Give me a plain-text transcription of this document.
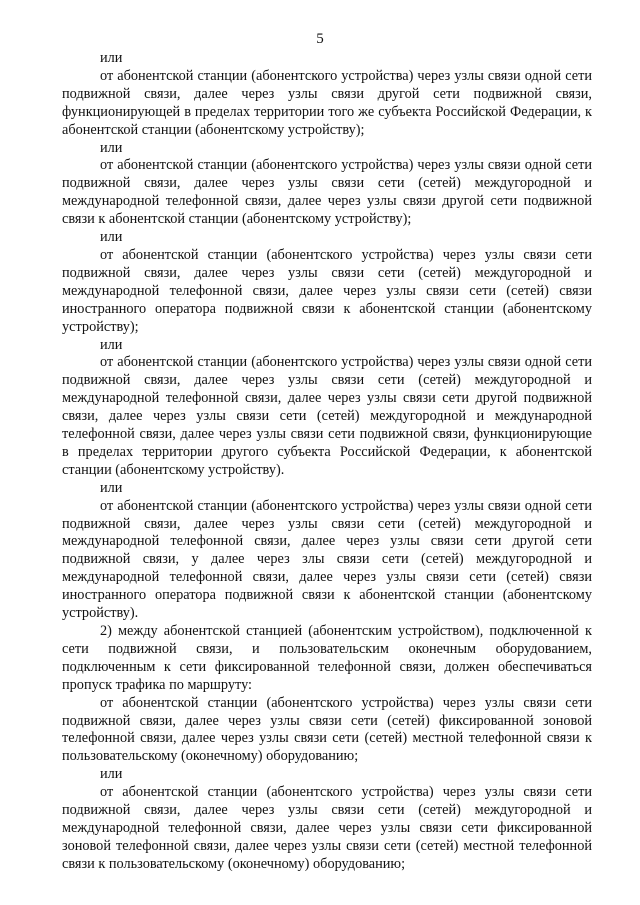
5

или

от абонентской станции (абонентского устройства) через узлы связи одной сети подвижной связи, далее через узлы связи другой сети подвижной связи, функционирующей в пределах территории того же субъекта Российской Федерации, к абонентской станции (абонентскому устройству);

или

от абонентской станции (абонентского устройства) через узлы связи одной сети подвижной связи, далее через узлы связи сети (сетей) междугородной и международной телефонной связи, далее через узлы связи другой сети подвижной связи к абонентской станции (абонентскому устройству);

или

от абонентской станции (абонентского устройства) через узлы связи сети подвижной связи, далее через узлы связи сети (сетей) междугородной и международной телефонной связи, далее через узлы связи сети (сетей) связи иностранного оператора подвижной связи к абонентской станции (абонентскому устройству);

или

от абонентской станции (абонентского устройства) через узлы связи одной сети подвижной связи, далее через узлы связи сети (сетей) междугородной и международной телефонной связи, далее через узлы связи сети другой подвижной связи, далее через узлы связи сети (сетей) междугородной и международной телефонной связи, далее через узлы связи сети подвижной связи, функционирующие в пределах территории другого субъекта Российской Федерации, к абонентской станции (абонентскому устройству).

или

от абонентской станции (абонентского устройства) через узлы связи одной сети подвижной связи, далее через узлы связи сети (сетей) междугородной и международной телефонной связи, далее через узлы связи сети другой сети подвижной связи, у далее через злы связи сети (сетей) междугородной и международной телефонной связи, далее через узлы связи сети (сетей) связи иностранного оператора подвижной связи к абонентской станции (абонентскому устройству).

2) между абонентской станцией (абонентским устройством), подключенной к сети подвижной связи, и пользовательским оконечным оборудованием, подключенным к сети фиксированной телефонной связи, должен обеспечиваться пропуск трафика по маршруту:

от абонентской станции (абонентского устройства) через узлы связи сети подвижной связи, далее через узлы связи сети (сетей) фиксированной зоновой телефонной связи, далее через узлы связи сети (сетей) местной телефонной связи к пользовательскому (оконечному) оборудованию;

или

от абонентской станции (абонентского устройства) через узлы связи сети подвижной связи, далее через узлы связи сети (сетей) междугородной и международной телефонной связи, далее через узлы связи сети фиксированной зоновой телефонной связи, далее через узлы связи сети (сетей) местной телефонной связи к пользовательскому (оконечному) оборудованию;
